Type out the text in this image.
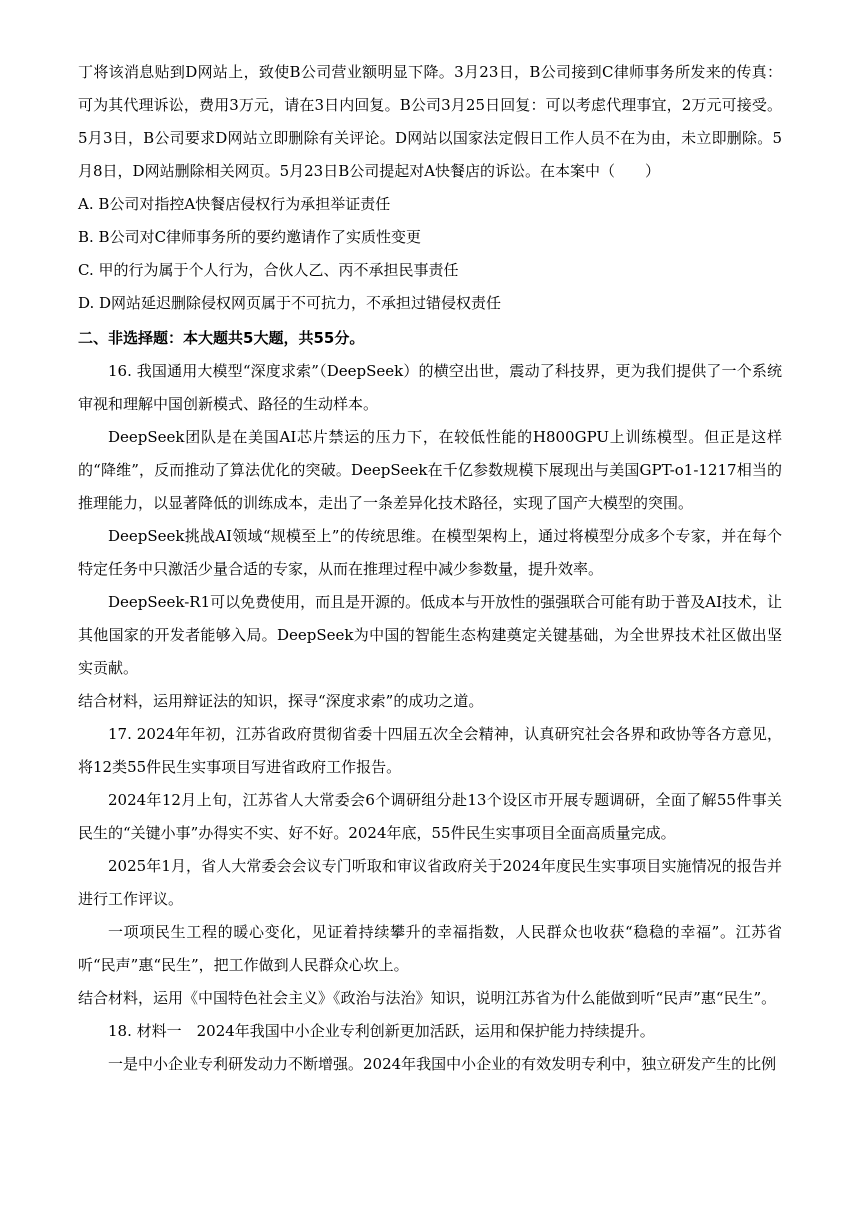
丁将该消息贴到D网站上，致使B公司营业额明显下降。3月23日，B公司接到C律师事务所发来的传真：可为其代理诉讼，费用3万元，请在3日内回复。B公司3月25日回复：可以考虑代理事宜，2万元可接受。5月3日，B公司要求D网站立即删除有关评论。D网站以国家法定假日工作人员不在为由，未立即删除。5月8日，D网站删除相关网页。5月23日B公司提起对A快餐店的诉讼。在本案中（　　）

A. B公司对指控A快餐店侵权行为承担举证责任

B. B公司对C律师事务所的要约邀请作了实质性变更

C. 甲的行为属于个人行为，合伙人乙、丙不承担民事责任

D. D网站延迟删除侵权网页属于不可抗力，不承担过错侵权责任

二、非选择题：本大题共5大题，共55分。

16. 我国通用大模型“深度求索”（DeepSeek）的横空出世，震动了科技界，更为我们提供了一个系统审视和理解中国创新模式、路径的生动样本。

DeepSeek团队是在美国AI芯片禁运的压力下，在较低性能的H800GPU上训练模型。但正是这样的“降维”，反而推动了算法优化的突破。DeepSeek在千亿参数规模下展现出与美国GPT-o1-1217相当的推理能力，以显著降低的训练成本，走出了一条差异化技术路径，实现了国产大模型的突围。

DeepSeek挑战AI领域“规模至上”的传统思维。在模型架构上，通过将模型分成多个专家，并在每个特定任务中只激活少量合适的专家，从而在推理过程中减少参数量，提升效率。

DeepSeek-R1可以免费使用，而且是开源的。低成本与开放性的强强联合可能有助于普及AI技术，让其他国家的开发者能够入局。DeepSeek为中国的智能生态构建奠定关键基础，为全世界技术社区做出坚实贡献。

结合材料，运用辩证法的知识，探寻“深度求索”的成功之道。

17. 2024年年初，江苏省政府贯彻省委十四届五次全会精神，认真研究社会各界和政协等各方意见，将12类55件民生实事项目写进省政府工作报告。

2024年12月上旬，江苏省人大常委会6个调研组分赴13个设区市开展专题调研，全面了解55件事关民生的“关键小事”办得实不实、好不好。2024年底，55件民生实事项目全面高质量完成。

2025年1月，省人大常委会会议专门听取和审议省政府关于2024年度民生实事项目实施情况的报告并进行工作评议。

一项项民生工程的暖心变化，见证着持续攀升的幸福指数，人民群众也收获“稳稳的幸福”。江苏省听“民声”惠“民生”，把工作做到人民群众心坎上。

结合材料，运用《中国特色社会主义》《政治与法治》知识，说明江苏省为什么能做到听“民声”惠“民生”。

18. 材料一　2024年我国中小企业专利创新更加活跃，运用和保护能力持续提升。

一是中小企业专利研发动力不断增强。2024年我国中小企业的有效发明专利中，独立研发产生的比例
